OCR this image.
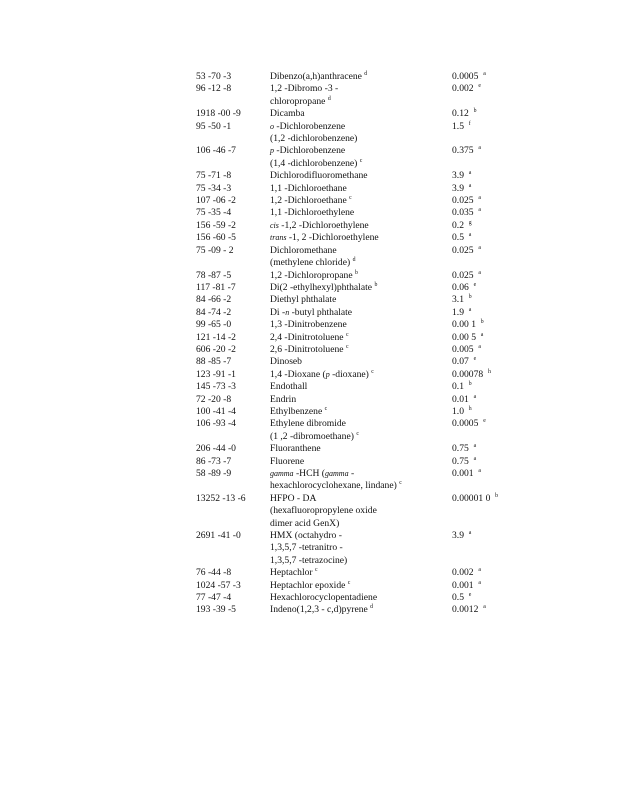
53 -70 -3	Dibenzo(a,h)anthracene $^d$	0.0005 $^a$
96 -12 -8	1,2 -Dibromo -3 -
chloropropane $^d$	0.002 $^e$
1918 -00 -9	Dicamba	0.12 $^b$
95 -50 -1	o -Dichlorobenzene
(1,2 -dichlorobenzene)	1.5 $^f$
106 -46 -7	p -Dichlorobenzene
(1,4 -dichlorobenzene) $^c$	0.375 $^a$
75 -71 -8	Dichlorodifluoromethane	3.9 $^a$
75 -34 -3	1,1 -Dichloroethane	3.9 $^a$
107 -06 -2	1,2 -Dichloroethane $^c$	0.025 $^a$
75 -35 -4	1,1 -Dichloroethylene	0.035 $^a$
156 -59 -2	cis -1,2 -Dichloroethylene	0.2 $^g$
156 -60 -5	trans -1, 2 -Dichloroethylene	0.5 $^a$
75 -09 - 2	Dichloromethane
(methylene chloride) $^d$	0.025 $^a$
78 -87 -5	1,2 -Dichloropropane $^b$	0.025 $^a$
117 -81 -7	Di(2 -ethylhexyl)phthalate $^b$	0.06 $^e$
84 -66 -2	Diethyl phthalate	3.1 $^b$
84 -74 -2	Di -n -butyl phthalate	1.9 $^a$
99 -65 -0	1,3 -Dinitrobenzene	0.00 1 $^b$
121 -14 -2	2,4 -Dinitrotoluene $^c$	0.00 5 $^a$
606 -20 -2	2,6 -Dinitrotoluene $^c$	0.005 $^a$
88 -85 -7	Dinoseb	0.07 $^e$
123 -91 -1	1,4 -Dioxane (p -dioxane) $^c$	0.00078 $^h$
145 -73 -3	Endothall	0.1 $^b$
72 -20 -8	Endrin	0.01 $^a$
100 -41 -4	Ethylbenzene $^c$	1.0 $^h$
106 -93 -4	Ethylene dibromide
(1 ,2 -dibromoethane) $^c$	0.0005 $^e$
206 -44 -0	Fluoranthene	0.75 $^a$
86 -73 -7	Fluorene	0.75 $^a$
58 -89 -9	gamma -HCH (gamma -
hexachlorocyclohexane, lindane) $^c$	0.001 $^a$
13252 -13 -6	HFPO - DA
(hexafluoropropylene oxide
dimer acid GenX)	0.00001 0 $^b$
2691 -41 -0	HMX (octahydro -
1,3,5,7 -tetranitro -
1,3,5,7 -tetrazocine)	3.9 $^a$
76 -44 -8	Heptachlor $^c$	0.002 $^a$
1024 -57 -3	Heptachlor epoxide $^c$	0.001 $^a$
77 -47 -4	Hexachlorocyclopentadiene	0.5 $^e$
193 -39 -5	Indeno(1,2,3 - c,d)pyrene $^d$	0.0012 $^a$
